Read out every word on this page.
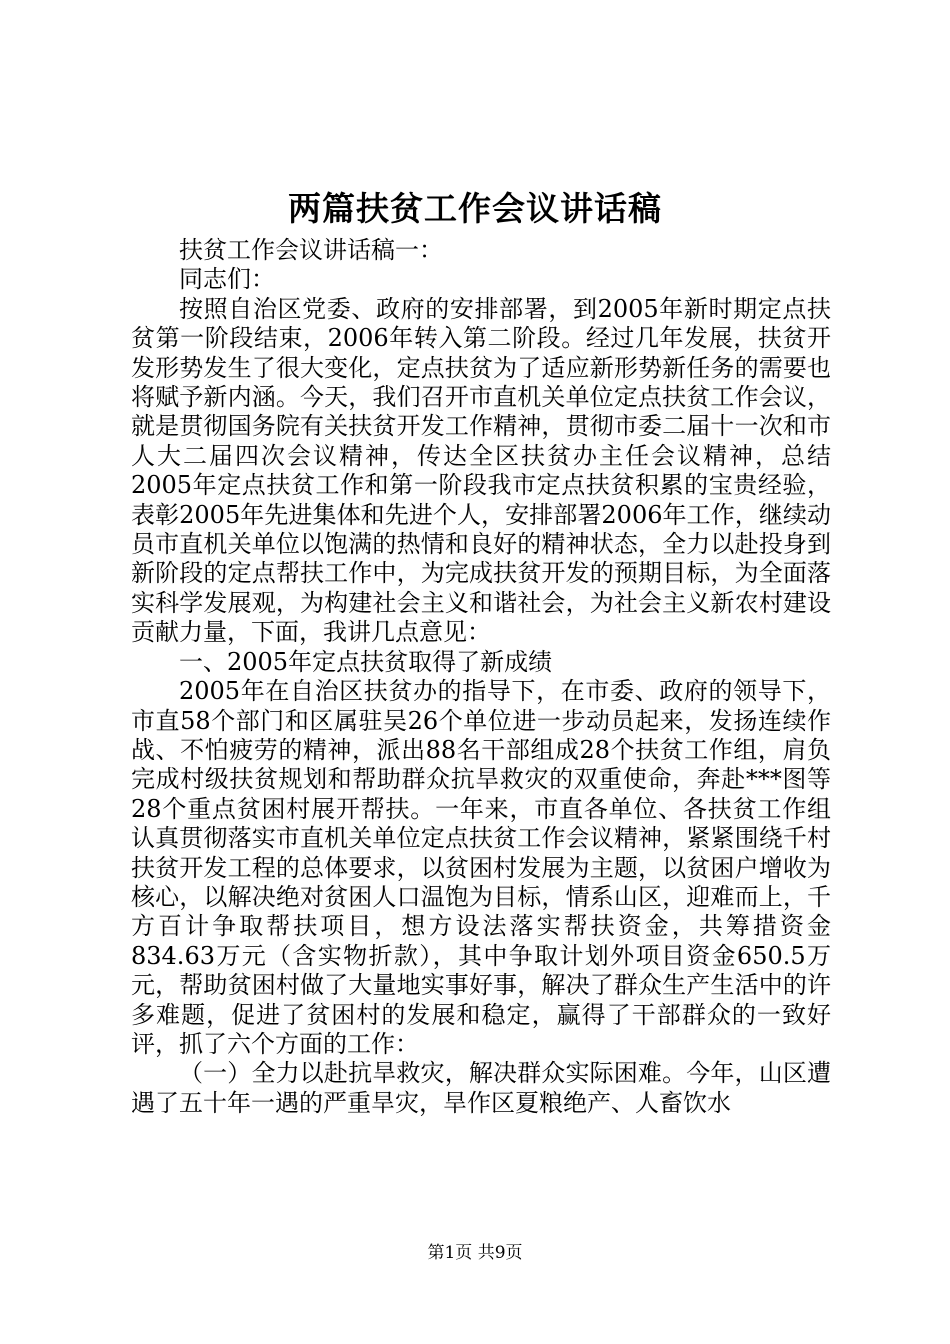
两篇扶贫工作会议讲话稿

扶贫工作会议讲话稿一：

同志们：

按照自治区党委、政府的安排部署，到2005年新时期定点扶贫第一阶段结束，2006年转入第二阶段。经过几年发展，扶贫开发形势发生了很大变化，定点扶贫为了适应新形势新任务的需要也将赋予新内涵。今天，我们召开市直机关单位定点扶贫工作会议，就是贯彻国务院有关扶贫开发工作精神，贯彻市委二届十一次和市人大二届四次会议精神，传达全区扶贫办主任会议精神，总结2005年定点扶贫工作和第一阶段我市定点扶贫积累的宝贵经验，表彰2005年先进集体和先进个人，安排部署2006年工作，继续动员市直机关单位以饱满的热情和良好的精神状态，全力以赴投身到新阶段的定点帮扶工作中，为完成扶贫开发的预期目标，为全面落实科学发展观，为构建社会主义和谐社会，为社会主义新农村建设贡献力量，下面，我讲几点意见：

一、2005年定点扶贫取得了新成绩

2005年在自治区扶贫办的指导下，在市委、政府的领导下，市直58个部门和区属驻吴26个单位进一步动员起来，发扬连续作战、不怕疲劳的精神，派出88名干部组成28个扶贫工作组，肩负完成村级扶贫规划和帮助群众抗旱救灾的双重使命，奔赴***图等28个重点贫困村展开帮扶。一年来，市直各单位、各扶贫工作组认真贯彻落实市直机关单位定点扶贫工作会议精神，紧紧围绕千村扶贫开发工程的总体要求，以贫困村发展为主题，以贫困户增收为核心，以解决绝对贫困人口温饱为目标，情系山区，迎难而上，千方百计争取帮扶项目，想方设法落实帮扶资金，共筹措资金834.63万元（含实物折款），其中争取计划外项目资金650.5万元，帮助贫困村做了大量地实事好事，解决了群众生产生活中的许多难题，促进了贫困村的发展和稳定，赢得了干部群众的一致好评，抓了六个方面的工作：

（一）全力以赴抗旱救灾，解决群众实际困难。今年，山区遭遇了五十年一遇的严重旱灾，旱作区夏粮绝产、人畜饮水

第1页 共9页
